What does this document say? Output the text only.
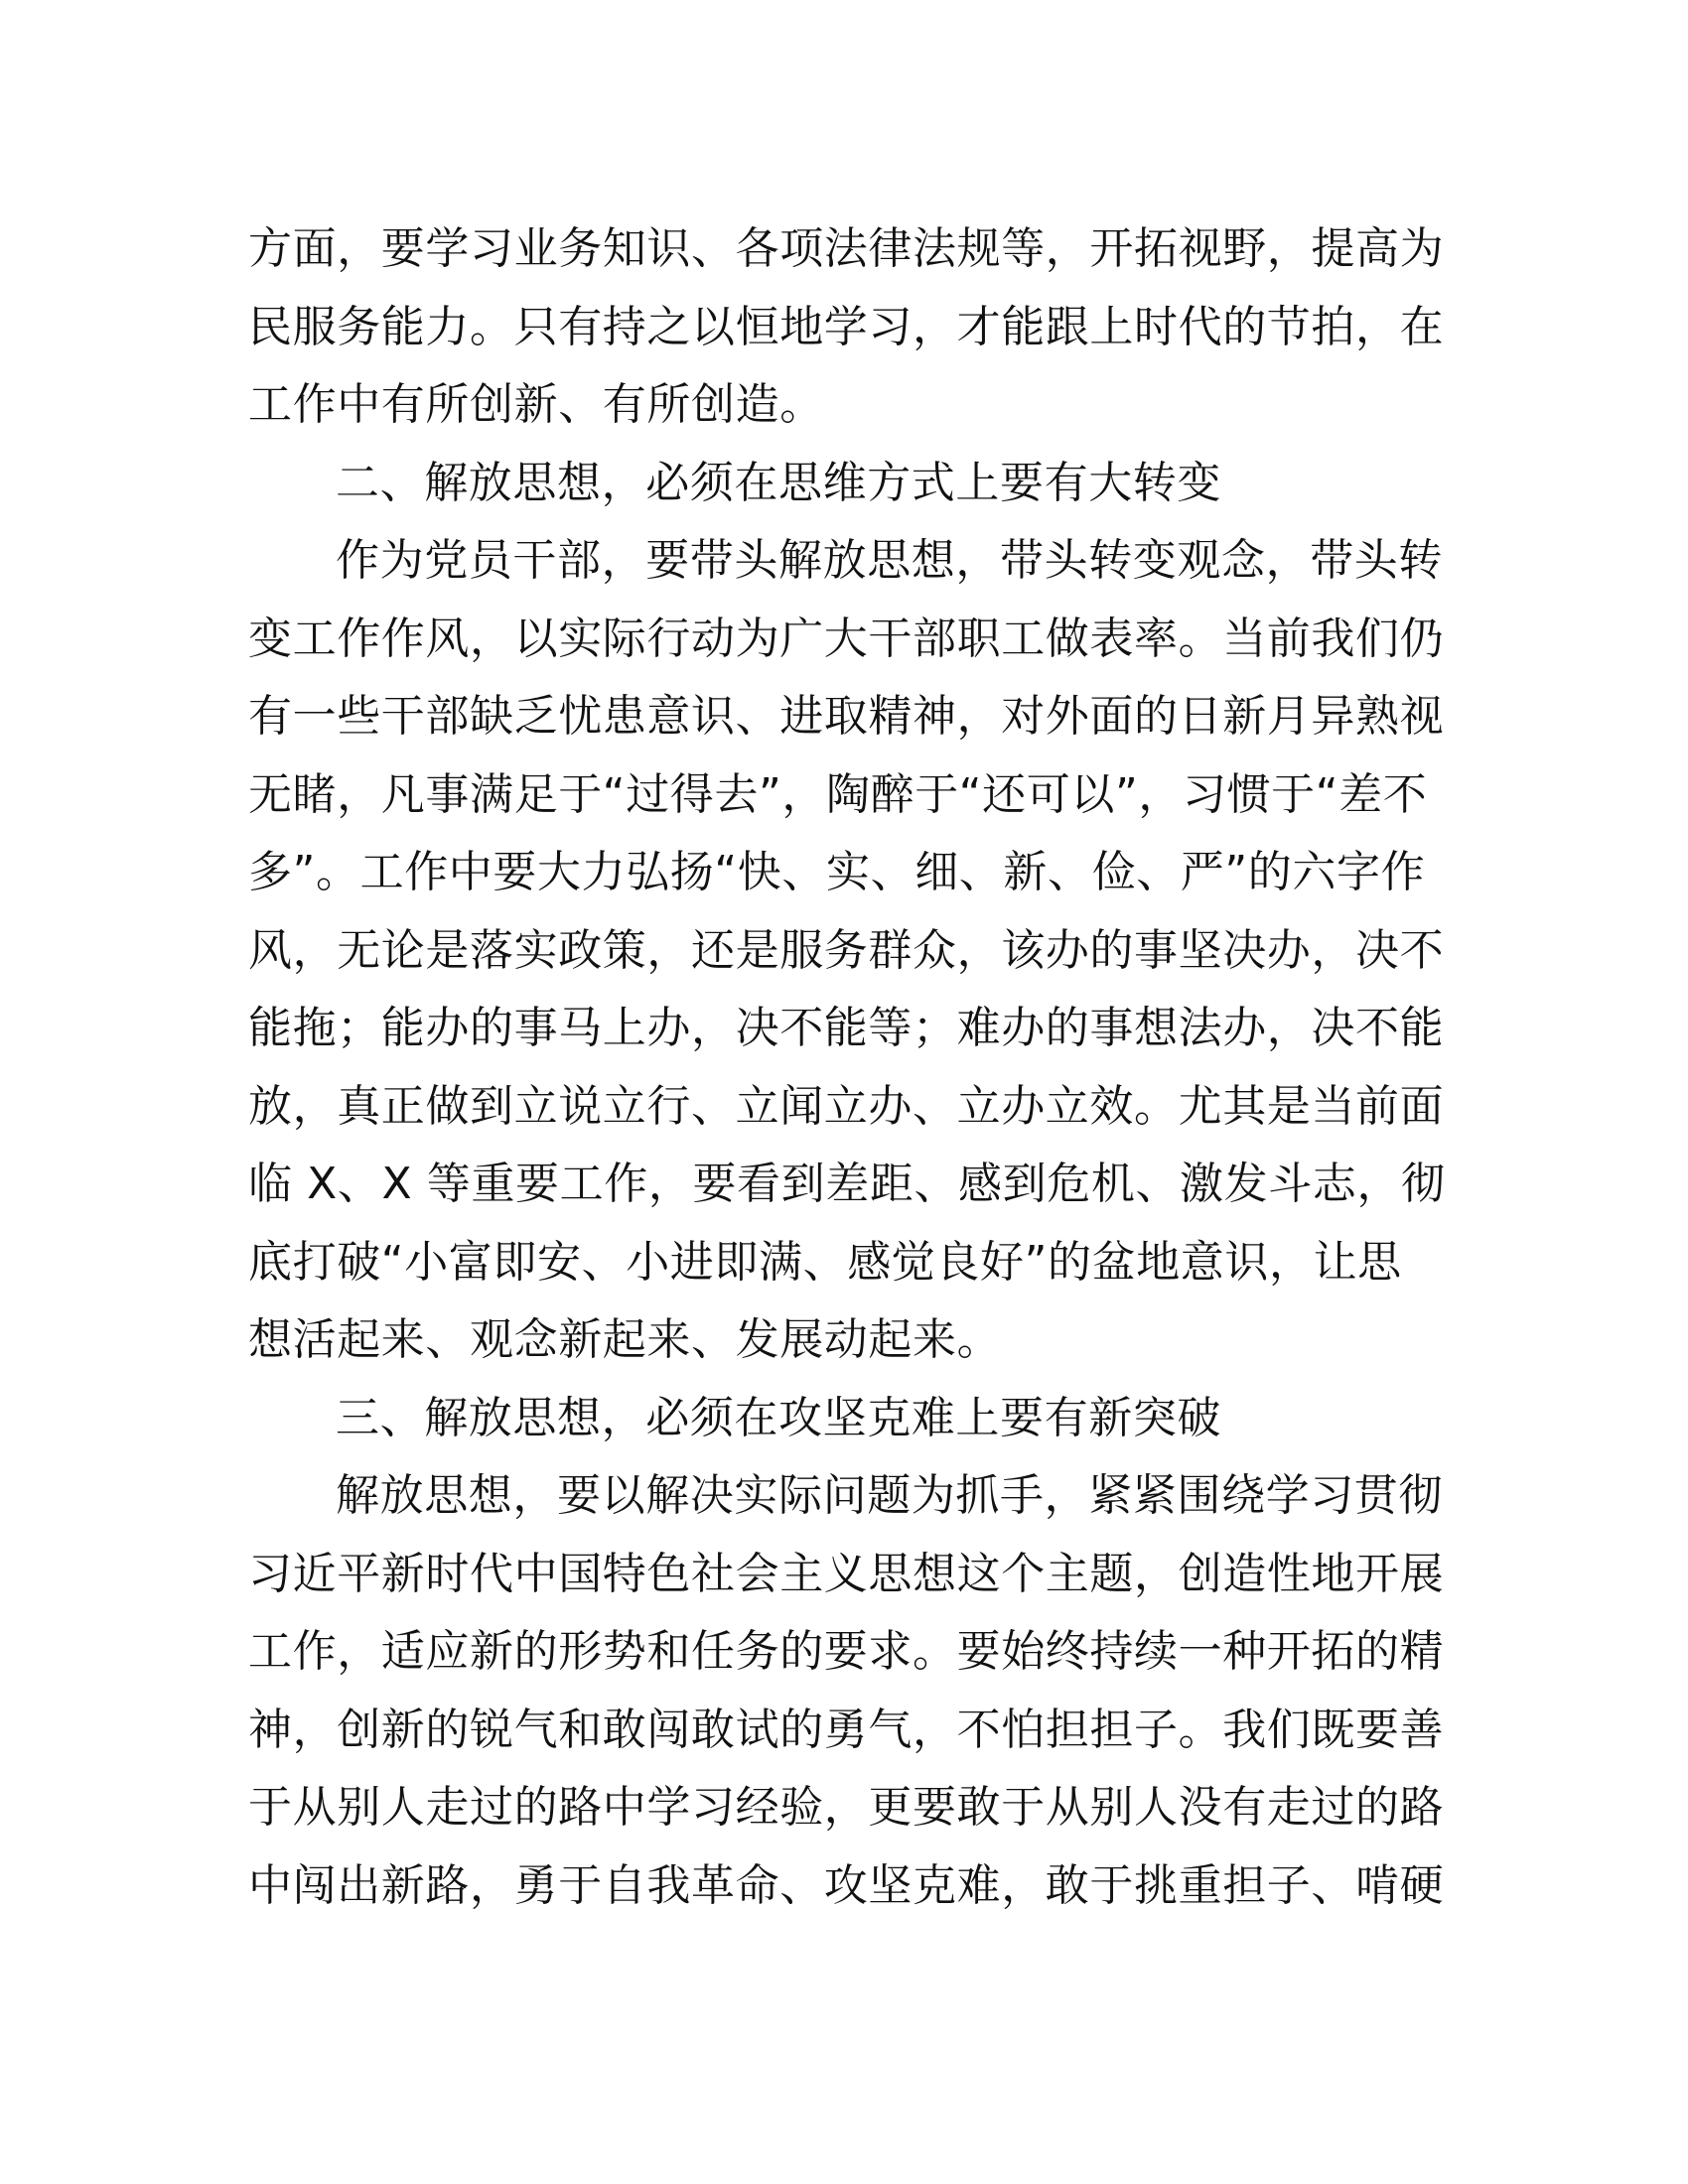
方面，要学习业务知识、各项法律法规等，开拓视野，提高为
民服务能力。只有持之以恒地学习，才能跟上时代的节拍，在
工作中有所创新、有所创造。
二、解放思想，必须在思维方式上要有大转变
作为党员干部，要带头解放思想，带头转变观念，带头转
变工作作风，以实际行动为广大干部职工做表率。当前我们仍
有一些干部缺乏忧患意识、进取精神，对外面的日新月异熟视
无睹，凡事满足于“过得去”，陶醉于“还可以”，习惯于“差不
多”。工作中要大力弘扬“快、实、细、新、俭、严”的六字作
风，无论是落实政策，还是服务群众，该办的事坚决办，决不
能拖；能办的事马上办，决不能等；难办的事想法办，决不能
放，真正做到立说立行、立闻立办、立办立效。尤其是当前面
临 X、X 等重要工作，要看到差距、感到危机、激发斗志，彻
底打破“小富即安、小进即满、感觉良好”的盆地意识，让思
想活起来、观念新起来、发展动起来。
三、解放思想，必须在攻坚克难上要有新突破
解放思想，要以解决实际问题为抓手，紧紧围绕学习贯彻
习近平新时代中国特色社会主义思想这个主题，创造性地开展
工作，适应新的形势和任务的要求。要始终持续一种开拓的精
神，创新的锐气和敢闯敢试的勇气，不怕担担子。我们既要善
于从别人走过的路中学习经验，更要敢于从别人没有走过的路
中闯出新路，勇于自我革命、攻坚克难，敢于挑重担子、啃硬
